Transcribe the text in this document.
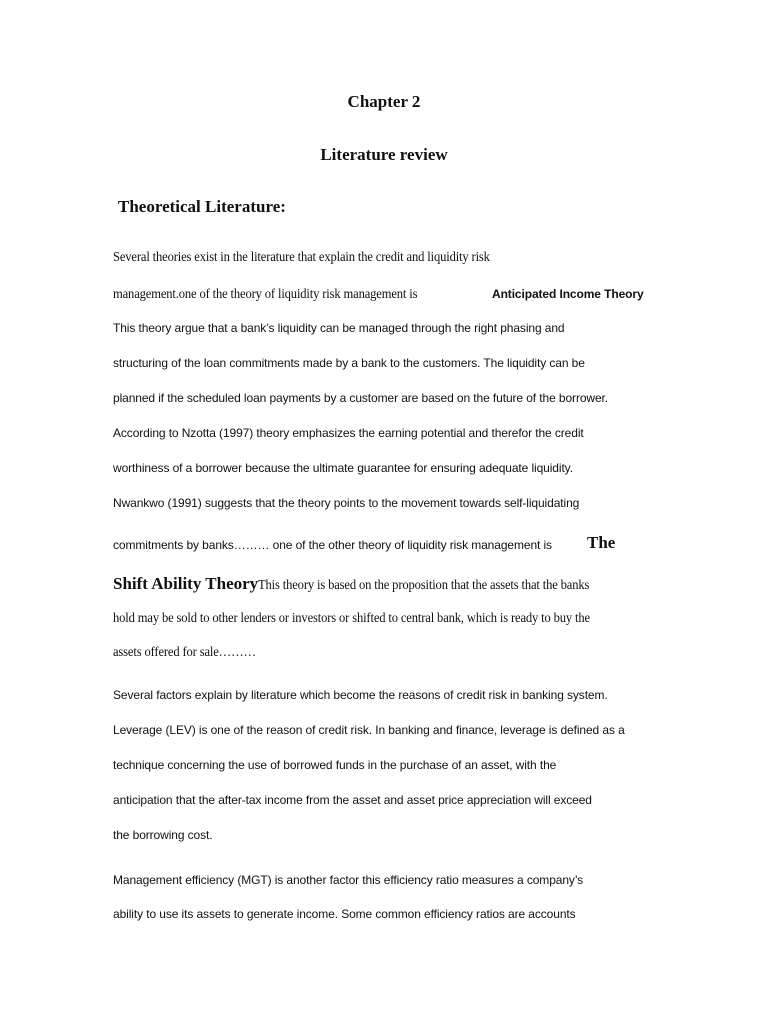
Chapter 2
Literature review
Theoretical Literature:
Several theories exist in the literature that explain the credit and liquidity risk
management.one of the theory of liquidity risk management is	Anticipated Income Theory
This theory argue that a bank’s liquidity can be managed through the right phasing and
structuring of the loan commitments made by a bank to the customers. The liquidity can be
planned if the scheduled loan payments by a customer are based on the future of the borrower.
According to Nzotta (1997) theory emphasizes the earning potential and therefor the credit
worthiness of a borrower because the ultimate guarantee for ensuring adequate liquidity.
Nwankwo (1991) suggests that the theory points to the movement towards self-liquidating
commitments by banks……… one of the other theory of liquidity risk management is The
Shift Ability TheoryThis theory is based on the proposition that the assets that the banks
hold may be sold to other lenders or investors or shifted to central bank, which is ready to buy the
assets offered for sale………
Several factors explain by literature which become the reasons of credit risk in banking system.
Leverage (LEV) is one of the reason of credit risk. In banking and finance, leverage is defined as a
technique concerning the use of borrowed funds in the purchase of an asset, with the
anticipation that the after-tax income from the asset and asset price appreciation will exceed
the borrowing cost.
Management efficiency (MGT) is another factor this efficiency ratio measures a company’s
ability to use its assets to generate income. Some common efficiency ratios are accounts
